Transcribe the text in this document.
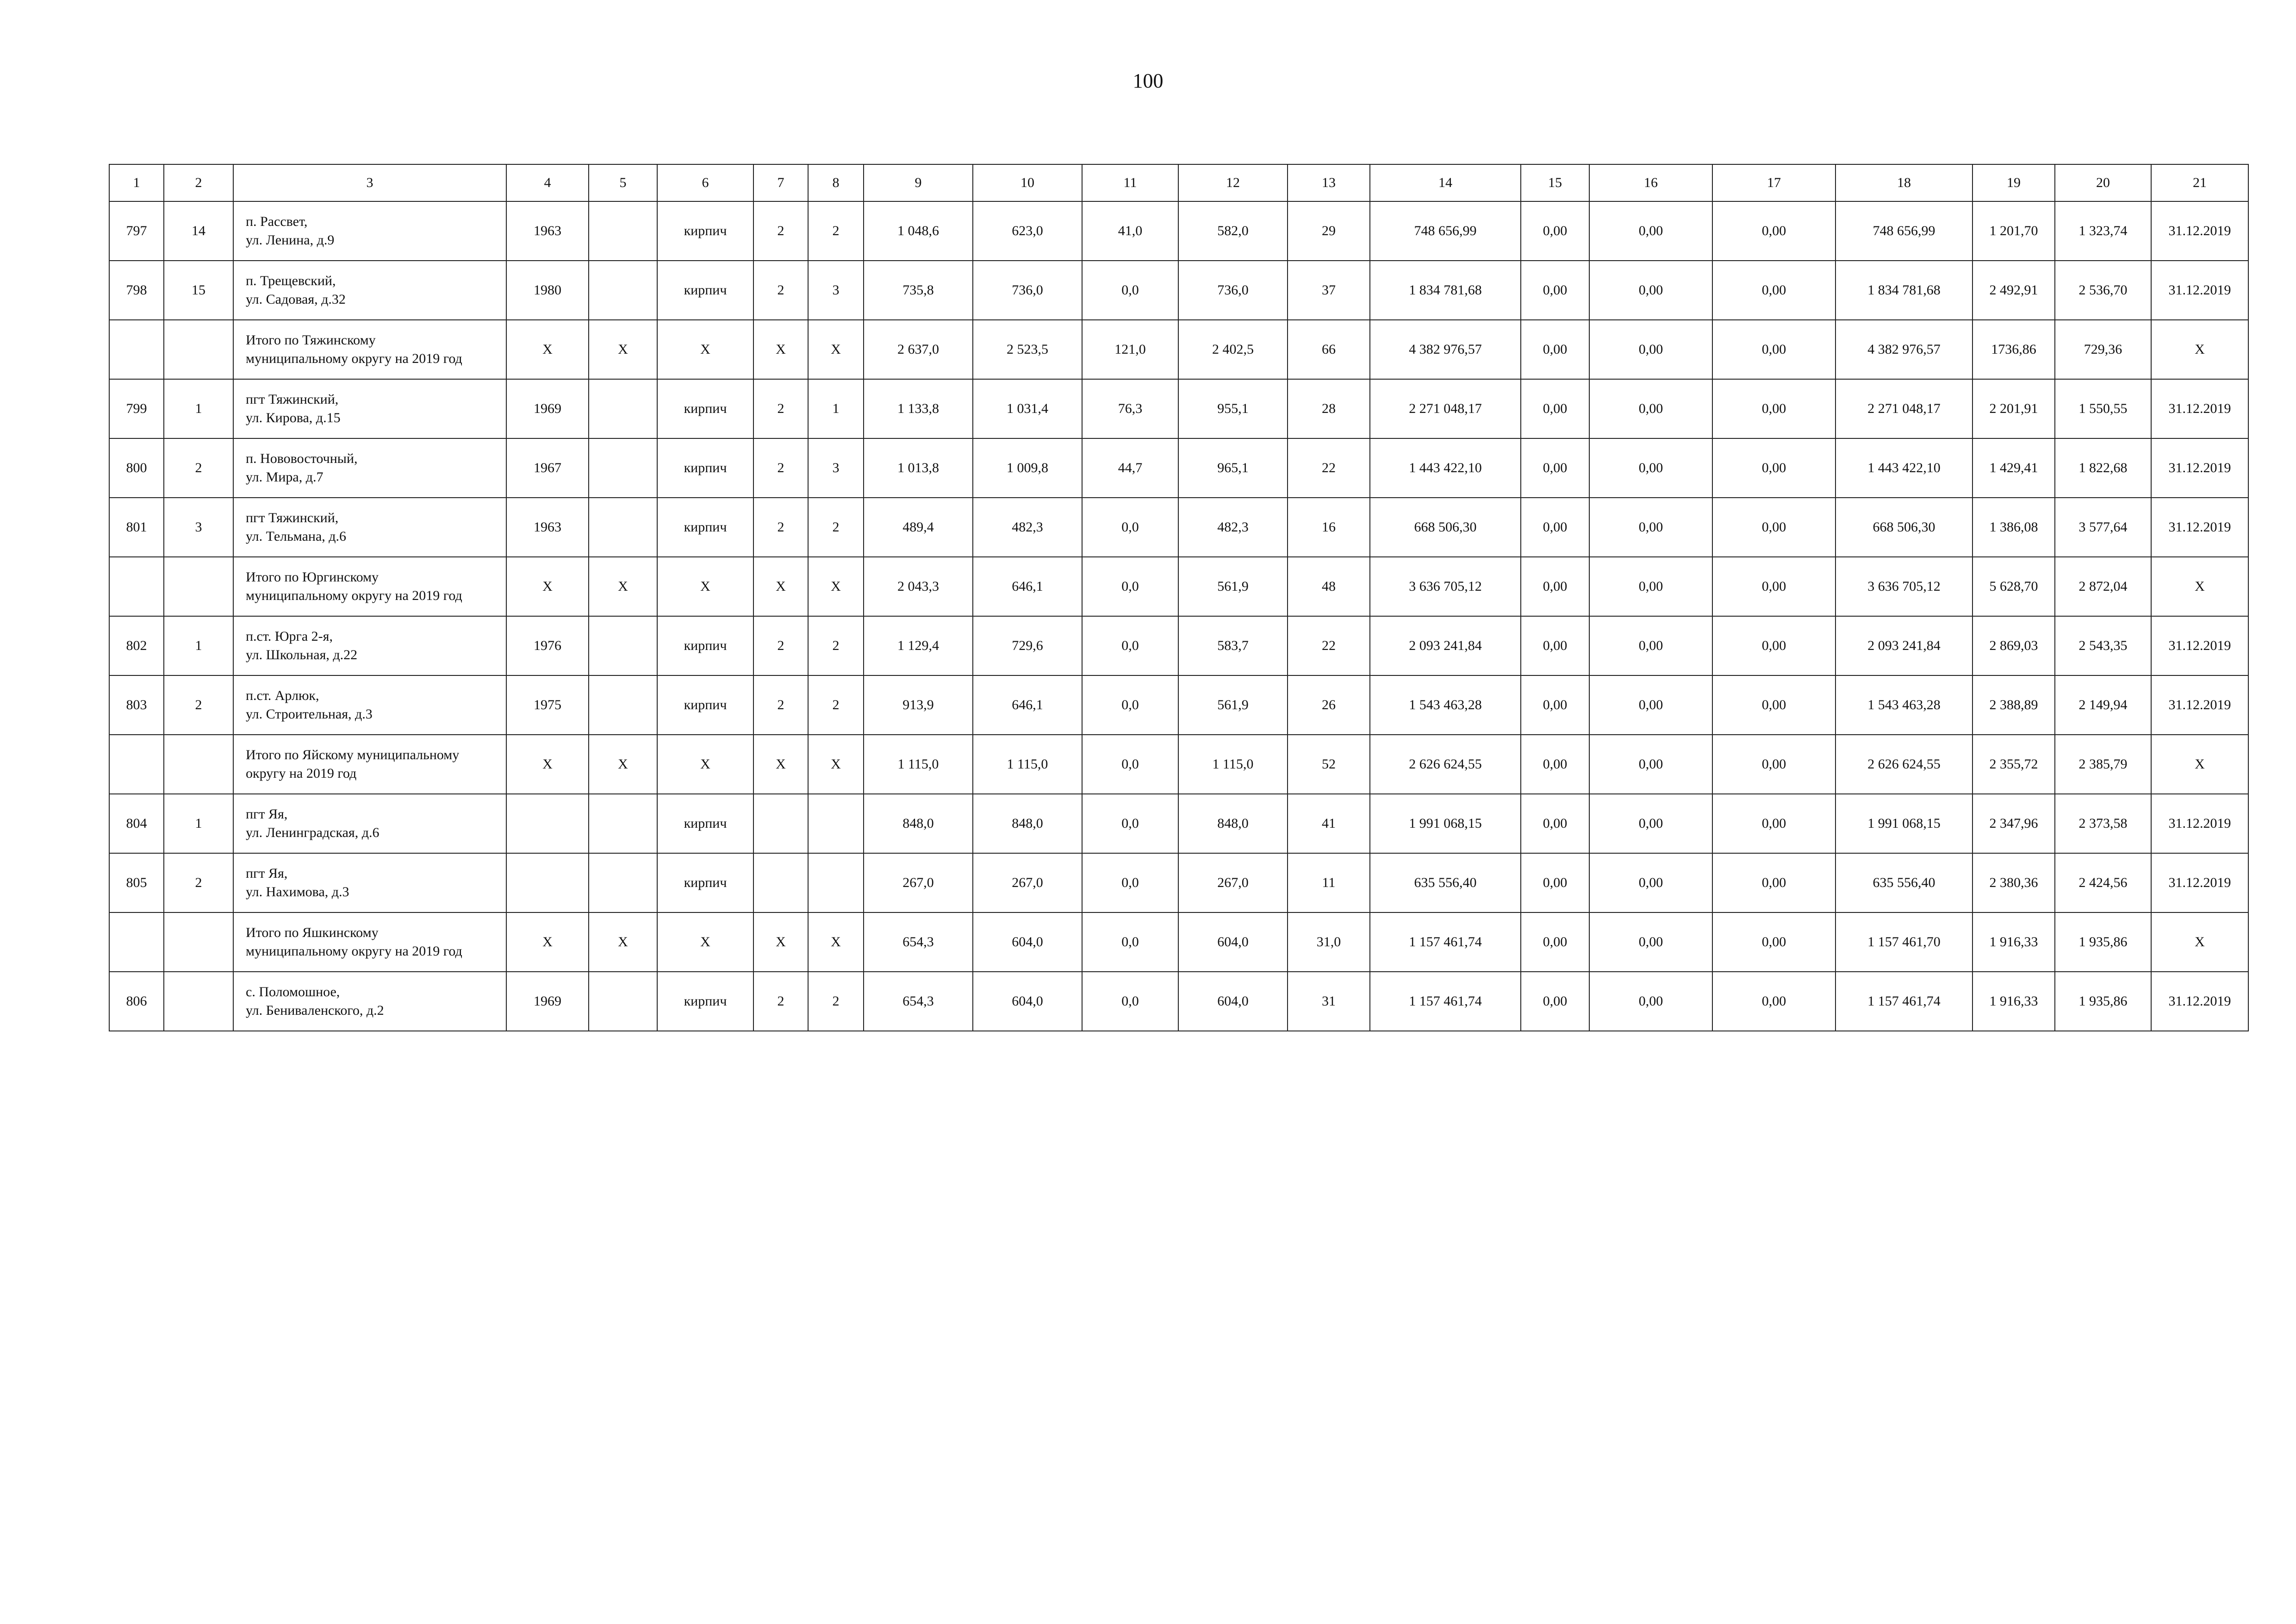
100
1	2	3	4	5	6	7	8	9	10	11	12	13	14	15	16	17	18	19	20	21
797	14	п. Рассвет,
ул. Ленина, д.9	1963		кирпич	2	2	1 048,6	623,0	41,0	582,0	29	748 656,99	0,00	0,00	0,00	748 656,99	1 201,70	1 323,74	31.12.2019
798	15	п. Трещевский,
ул. Садовая, д.32	1980		кирпич	2	3	735,8	736,0	0,0	736,0	37	1 834 781,68	0,00	0,00	0,00	1 834 781,68	2 492,91	2 536,70	31.12.2019

		Итого по Тяжинскому
муниципальному округу на 2019 год	X	X	X	X	X	2 637,0	2 523,5	121,0	2 402,5	66	4 382 976,57	0,00	0,00	0,00	4 382 976,57	1736,86	729,36	X
799	1	пгт Тяжинский,
ул. Кирова, д.15	1969		кирпич	2	1	1 133,8	1 031,4	76,3	955,1	28	2 271 048,17	0,00	0,00	0,00	2 271 048,17	2 201,91	1 550,55	31.12.2019
800	2	п. Нововосточный,
ул. Мира, д.7	1967		кирпич	2	3	1 013,8	1 009,8	44,7	965,1	22	1 443 422,10	0,00	0,00	0,00	1 443 422,10	1 429,41	1 822,68	31.12.2019
801	3	пгт Тяжинский,
ул. Тельмана, д.6	1963		кирпич	2	2	489,4	482,3	0,0	482,3	16	668 506,30	0,00	0,00	0,00	668 506,30	1 386,08	3 577,64	31.12.2019

		Итого по Юргинскому
муниципальному округу на 2019 год	X	X	X	X	X	2 043,3	646,1	0,0	561,9	48	3 636 705,12	0,00	0,00	0,00	3 636 705,12	5 628,70	2 872,04	X
802	1	п.ст. Юрга 2-я,
ул. Школьная, д.22	1976		кирпич	2	2	1 129,4	729,6	0,0	583,7	22	2 093 241,84	0,00	0,00	0,00	2 093 241,84	2 869,03	2 543,35	31.12.2019
803	2	п.ст. Арлюк,
ул. Строительная, д.3	1975		кирпич	2	2	913,9	646,1	0,0	561,9	26	1 543 463,28	0,00	0,00	0,00	1 543 463,28	2 388,89	2 149,94	31.12.2019

		Итого по Яйскому муниципальному
округу на 2019 год	X	X	X	X	X	1 115,0	1 115,0	0,0	1 115,0	52	2 626 624,55	0,00	0,00	0,00	2 626 624,55	2 355,72	2 385,79	X
804	1	пгт Яя,
ул. Ленинградская, д.6			кирпич			848,0	848,0	0,0	848,0	41	1 991 068,15	0,00	0,00	0,00	1 991 068,15	2 347,96	2 373,58	31.12.2019
805	2	пгт Яя,
ул. Нахимова, д.3			кирпич			267,0	267,0	0,0	267,0	11	635 556,40	0,00	0,00	0,00	635 556,40	2 380,36	2 424,56	31.12.2019

		Итого по Яшкинскому
муниципальному округу на 2019 год	X	X	X	X	X	654,3	604,0	0,0	604,0	31,0	1 157 461,74	0,00	0,00	0,00	1 157 461,70	1 916,33	1 935,86	X
806		с. Поломошное,
ул. Бениваленского, д.2	1969		кирпич	2	2	654,3	604,0	0,0	604,0	31	1 157 461,74	0,00	0,00	0,00	1 157 461,74	1 916,33	1 935,86	31.12.2019
